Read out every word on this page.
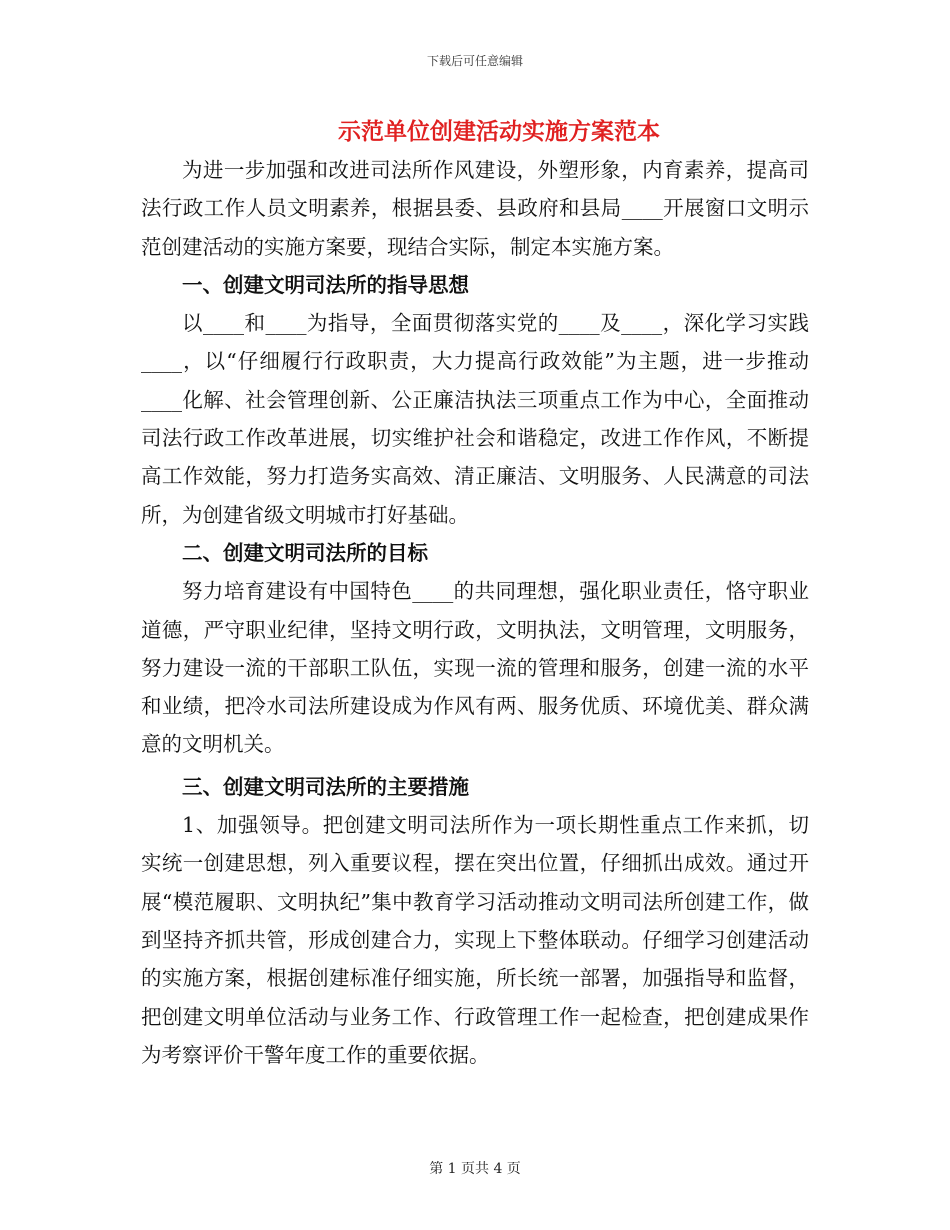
下载后可任意编辑
示范单位创建活动实施方案范本

为进一步加强和改进司法所作风建设，外塑形象，内育素养，提高司法行政工作人员文明素养，根据县委、县政府和县局____开展窗口文明示范创建活动的实施方案要，现结合实际，制定本实施方案。

一、创建文明司法所的指导思想

以____和____为指导，全面贯彻落实党的____及____，深化学习实践____，以“仔细履行行政职责，大力提高行政效能”为主题，进一步推动____化解、社会管理创新、公正廉洁执法三项重点工作为中心，全面推动司法行政工作改革进展，切实维护社会和谐稳定，改进工作作风，不断提高工作效能，努力打造务实高效、清正廉洁、文明服务、人民满意的司法所，为创建省级文明城市打好基础。

二、创建文明司法所的目标

努力培育建设有中国特色____的共同理想，强化职业责任，恪守职业道德，严守职业纪律，坚持文明行政，文明执法，文明管理，文明服务，努力建设一流的干部职工队伍，实现一流的管理和服务，创建一流的水平和业绩，把冷水司法所建设成为作风有两、服务优质、环境优美、群众满意的文明机关。

三、创建文明司法所的主要措施

1、加强领导。把创建文明司法所作为一项长期性重点工作来抓，切实统一创建思想，列入重要议程，摆在突出位置，仔细抓出成效。通过开展“模范履职、文明执纪”集中教育学习活动推动文明司法所创建工作，做到坚持齐抓共管，形成创建合力，实现上下整体联动。仔细学习创建活动的实施方案，根据创建标准仔细实施，所长统一部署，加强指导和监督，把创建文明单位活动与业务工作、行政管理工作一起检查，把创建成果作为考察评价干警年度工作的重要依据。

第 1 页共 4 页
